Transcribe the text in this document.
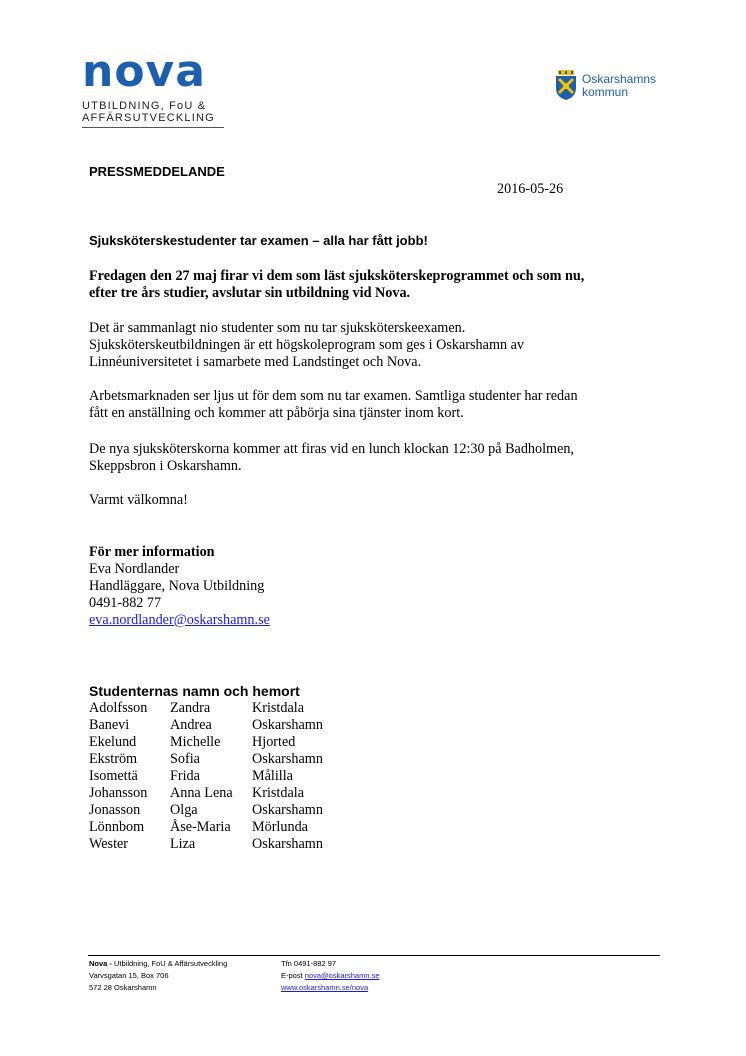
nova
UTBILDNING, FoU &
AFFÄRSUTVECKLING
Oskarshamns
kommun
PRESSMEDDELANDE
2016-05-26
Sjuksköterskestudenter tar examen – alla har fått jobb!

Fredagen den 27 maj firar vi dem som läst sjuksköterskeprogrammet och som nu,

efter tre års studier, avslutar sin utbildning vid Nova.

Det är sammanlagt nio studenter som nu tar sjuksköterskeexamen.

Sjuksköterskeutbildningen är ett högskoleprogram som ges i Oskarshamn av

Linnéuniversitetet i samarbete med Landstinget och Nova.

Arbetsmarknaden ser ljus ut för dem som nu tar examen. Samtliga studenter har redan

fått en anställning och kommer att påbörja sina tjänster inom kort.

De nya sjuksköterskorna kommer att firas vid en lunch klockan 12:30 på Badholmen,

Skeppsbron i Oskarshamn.

Varmt välkomna!

För mer information

Eva Nordlander

Handläggare, Nova Utbildning

0491-882 77

eva.nordlander@oskarshamn.se

Studenternas namn och hemort
Adolfsson	Zandra	Kristdala
Banevi	Andrea	Oskarshamn
Ekelund	Michelle	Hjorted
Ekström	Sofia	Oskarshamn
Isomettä	Frida	Målilla
Johansson	Anna Lena	Kristdala
Jonasson	Olga	Oskarshamn
Lönnbom	Åse-Maria	Mörlunda
Wester	Liza	Oskarshamn
Nova - Utbildning, FoU & Affärsutveckling
Varvsgatan 15, Box 706
572 28 Oskarshamn
Tfn 0491-882 97
E-post nova@oskarshamn.se
www.oskarshamn.se/nova
